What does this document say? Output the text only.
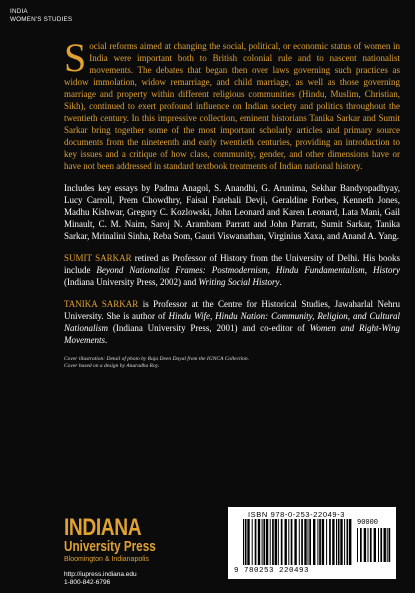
INDIA
WOMEN'S STUDIES

Social reforms aimed at changing the social, political, or economic status of women in India were important both to British colonial rule and to nascent nationalist movements. The debates that began then over laws governing such practices as widow immolation, widow remarriage, and child marriage, as well as those governing marriage and property within different religious communities (Hindu, Muslim, Christian, Sikh), continued to exert profound influence on Indian society and politics throughout the twentieth century. In this impressive collection, eminent historians Tanika Sarkar and Sumit Sarkar bring together some of the most important scholarly articles and primary source documents from the nineteenth and early twentieth centuries, providing an introduction to key issues and a critique of how class, community, gender, and other dimensions have or have not been addressed in standard textbook treatments of Indian national history.

Includes key essays by Padma Anagol, S. Anandhi, G. Arunima, Sekhar Bandyopadhyay, Lucy Carroll, Prem Chowdhry, Faisal Fatehali Devji, Geraldine Forbes, Kenneth Jones, Madhu Kishwar, Gregory C. Kozlowski, John Leonard and Karen Leonard, Lata Mani, Gail Minault, C. M. Naim, Saroj N. Arambam Parratt and John Parratt, Sumit Sarkar, Tanika Sarkar, Mrinalini Sinha, Reba Som, Gauri Viswanathan, Virginius Xaxa, and Anand A. Yang.

SUMIT SARKAR retired as Professor of History from the University of Delhi. His books include Beyond Nationalist Frames: Postmodernism, Hindu Fundamentalism, History (Indiana University Press, 2002) and Writing Social History.

TANIKA SARKAR is Professor at the Centre for Historical Studies, Jawaharlal Nehru University. She is author of Hindu Wife, Hindu Nation: Community, Religion, and Cultural Nationalism (Indiana University Press, 2001) and co-editor of Women and Right-Wing Movements.

Cover illustration: Detail of photo by Raja Deen Dayal from the IGNCA Collection.
Cover based on a design by Anuradha Roy.
INDIANA
University Press
Bloomington & Indianapolis
http://iupress.indiana.edu
1-800-842-6796
ISBN 978-0-253-22049-3
90000
9 780253 220493
